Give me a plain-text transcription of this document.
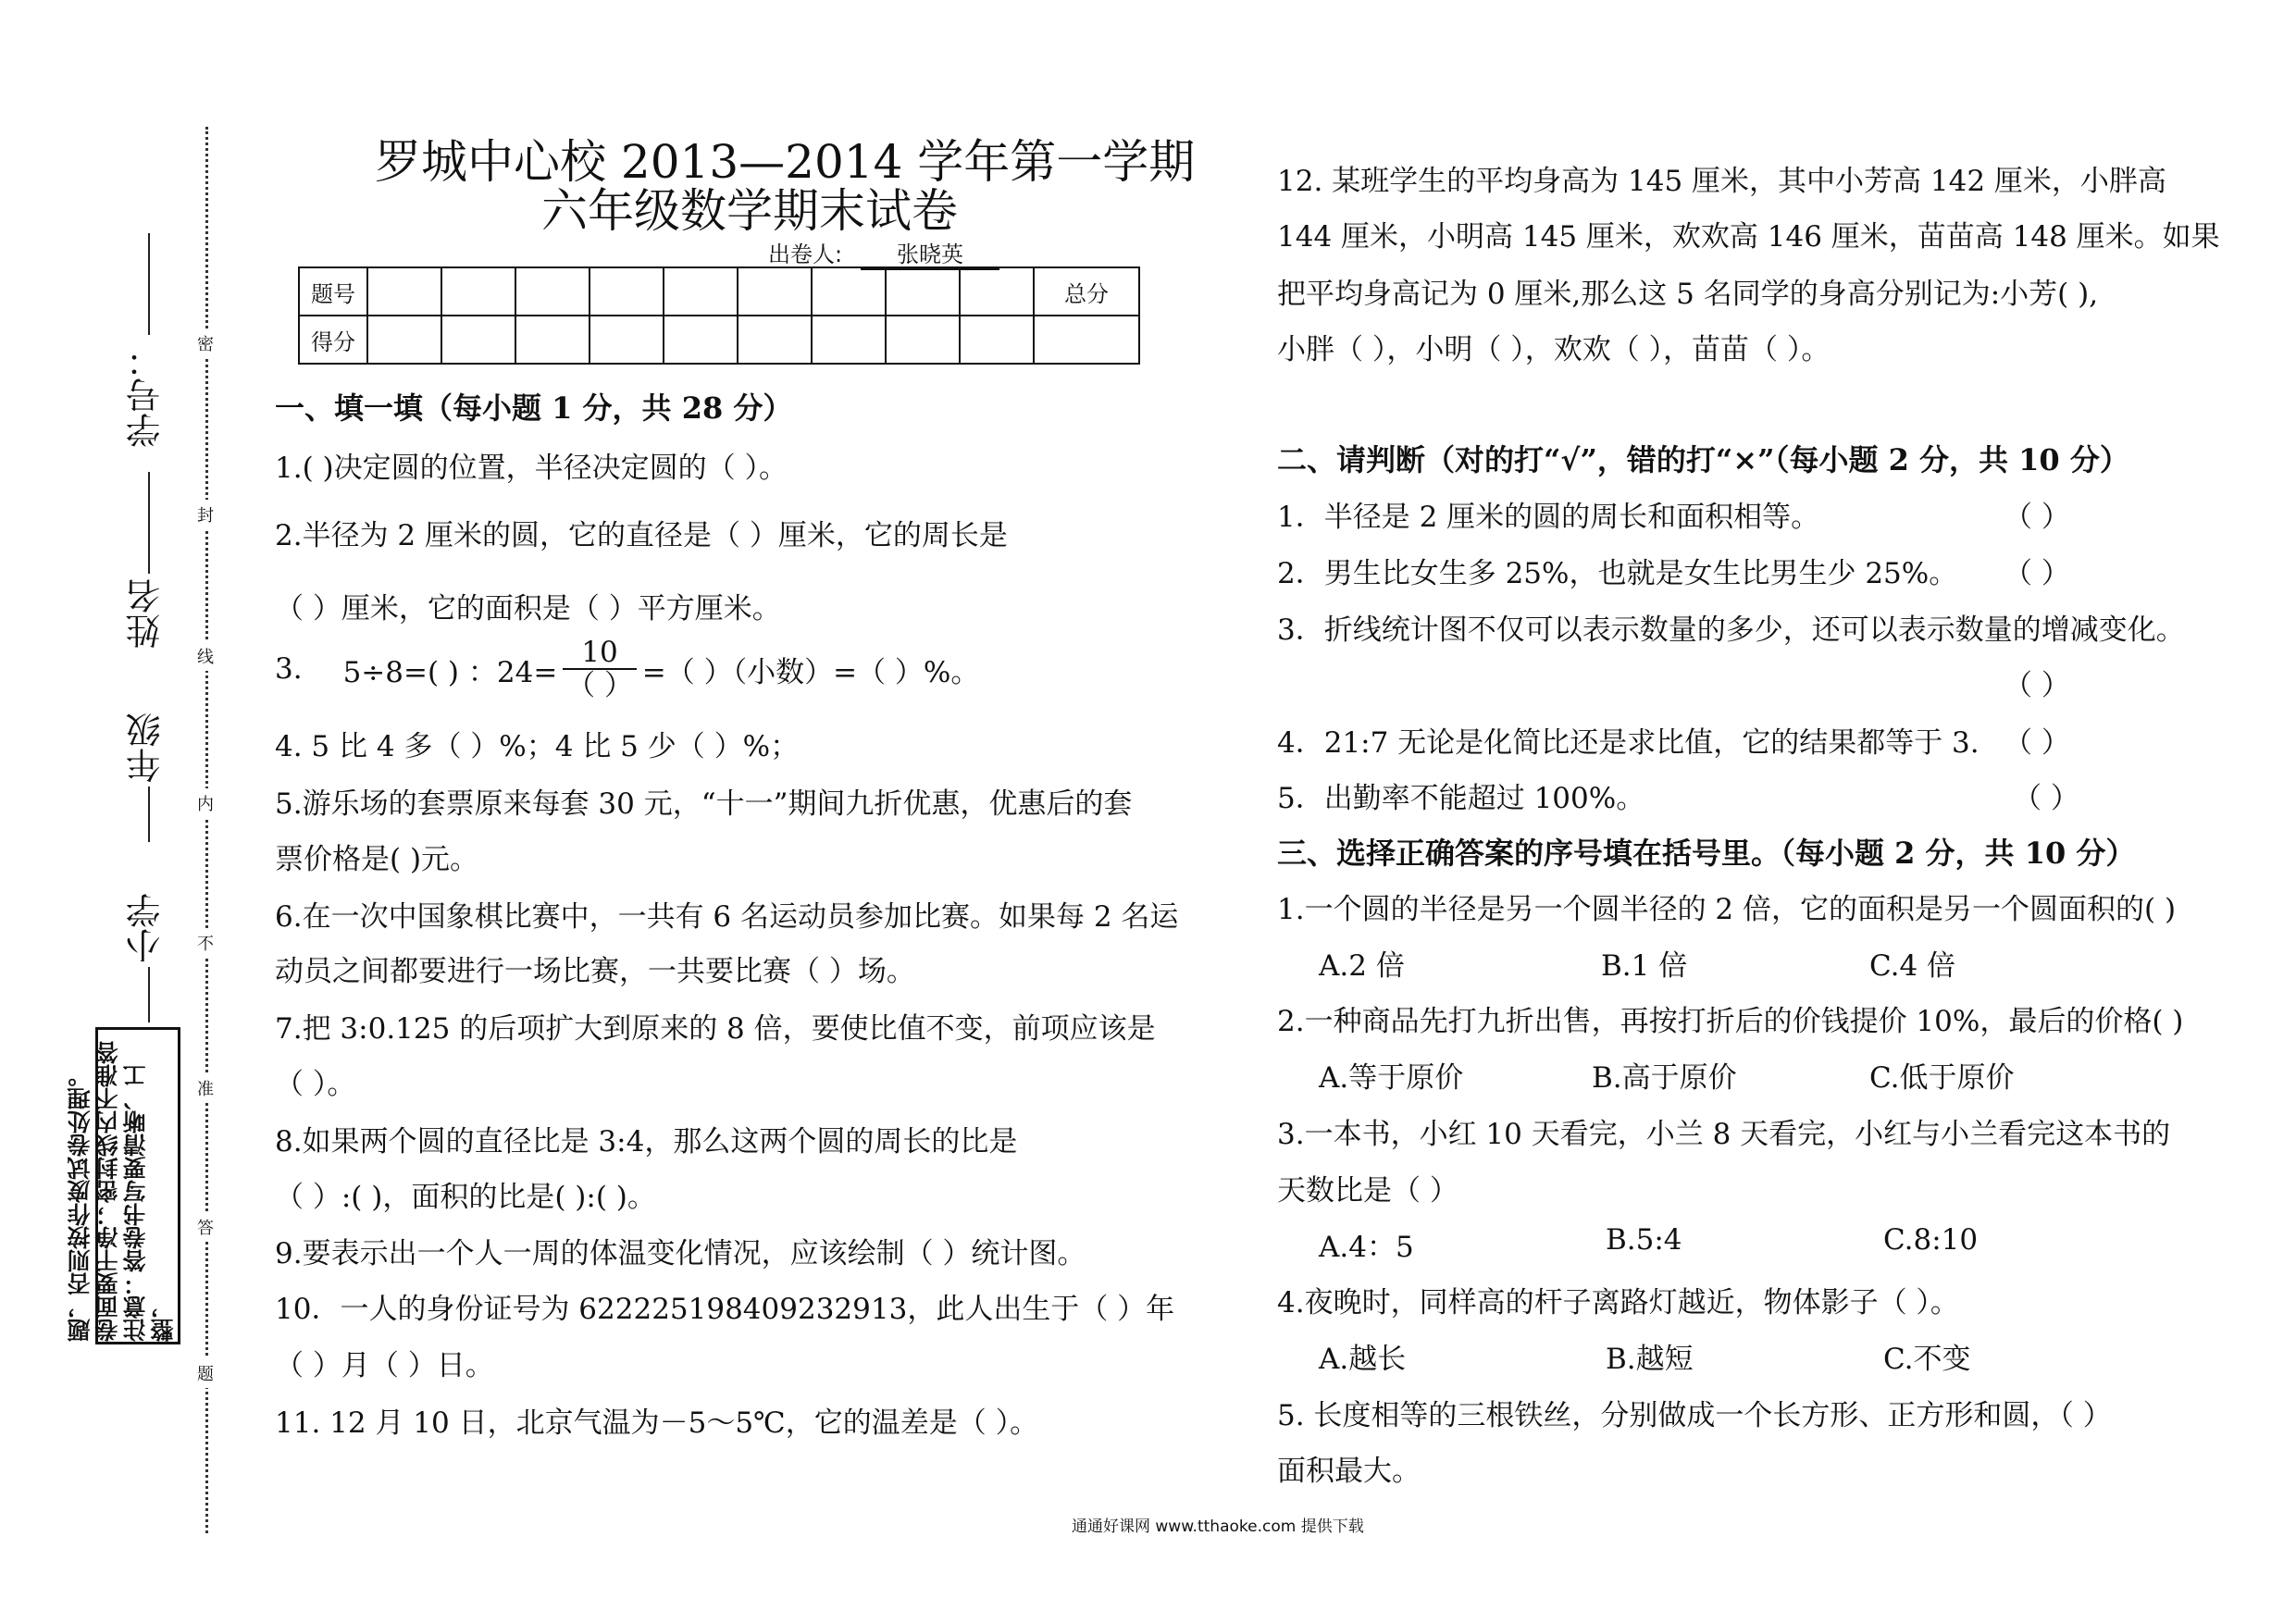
密
封
线
内
不
准
答
题
学号：
姓名
年级
小学
注意：答卷书写要清晰、工整，
卷面要干净；密封线内不准答
题，否则按作废试卷处理。
罗城中心校 2013—2014 学年第一学期
六年级数学期末试卷
出卷人:	张晓英
题号										总分
得分										
一、填一填（每小题 1 分，共 28 分）
1.( )决定圆的位置，半径决定圆的（ ）。
2.半径为 2 厘米的圆，它的直径是（ ）厘米，它的周长是
（ ）厘米，它的面积是（ ）平方厘米。
3. 5÷8=( ) ：$24= \frac{10}{( )}$ =（ ）（小数）=（ ）%。
4. 5 比 4 多（ ）%；4 比 5 少（ ）%；
5.游乐场的套票原来每套 30 元，“十一”期间九折优惠，优惠后的套
票价格是( )元。
6.在一次中国象棋比赛中，一共有 6 名运动员参加比赛。如果每 2 名运
动员之间都要进行一场比赛，一共要比赛（ ）场。
7.把 3:0.125 的后项扩大到原来的 8 倍，要使比值不变，前项应该是
（ ）。
8.如果两个圆的直径比是 3:4，那么这两个圆的周长的比是
（ ）:( )，面积的比是( ):( )。
9.要表示出一个人一周的体温变化情况，应该绘制（ ）统计图。
10．一人的身份证号为 622225198409232913，此人出生于（ ）年
（ ）月（ ）日。
11. 12 月 10 日，北京气温为－5～5℃，它的温差是（ ）。
12. 某班学生的平均身高为 145 厘米，其中小芳高 142 厘米，小胖高
144 厘米，小明高 145 厘米，欢欢高 146 厘米，苗苗高 148 厘米。如果
把平均身高记为 0 厘米,那么这 5 名同学的身高分别记为:小芳( ),
小胖（ ），小明（ ），欢欢（ ），苗苗（ ）。
二、请判断（对的打“√”，错的打“×”（每小题 2 分，共 10 分）
1．半径是 2 厘米的圆的周长和面积相等。	（ ）
2．男生比女生多 25%，也就是女生比男生少 25%。 （ ）
3．折线统计图不仅可以表示数量的多少，还可以表示数量的增减变化。
（ ）
4．21:7 无论是化简比还是求比值，它的结果都等于 3. （ ）
5．出勤率不能超过 100%。	（ ）
三、选择正确答案的序号填在括号里。（每小题 2 分，共 10 分）
1.一个圆的半径是另一个圆半径的 2 倍，它的面积是另一个圆面积的( )
A.2 倍	B.1 倍	C.4 倍
2.一种商品先打九折出售，再按打折后的价钱提价 10%，最后的价格( )
A.等于原价	B.高于原价	C.低于原价
3.一本书，小红 10 天看完，小兰 8 天看完，小红与小兰看完这本书的
天数比是（ ）
A.4：5	B.5:4	C.8:10
4.夜晚时，同样高的杆子离路灯越近，物体影子（ ）。
A.越长	B.越短	C.不变
5. 长度相等的三根铁丝，分别做成一个长方形、正方形和圆，（ ）
面积最大。
通通好课网 www.tthaoke.com 提供下载
